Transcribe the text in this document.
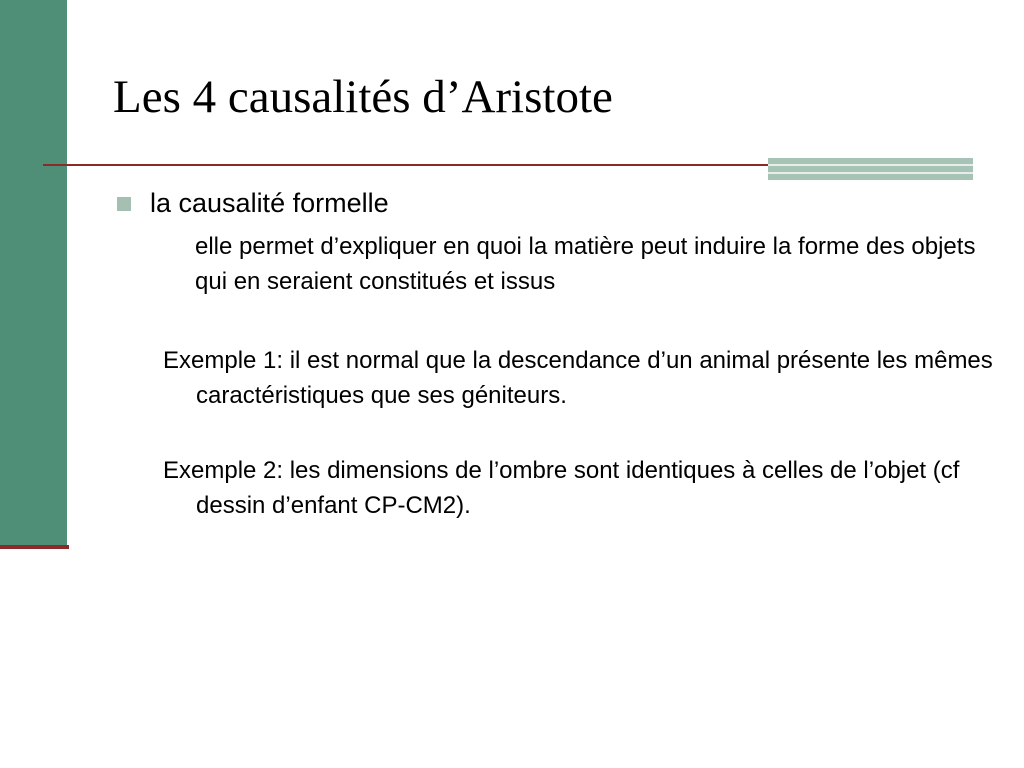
Les 4 causalités d’Aristote

la causalité formelle

elle permet d’expliquer en quoi la matière peut induire la forme des objets qui en seraient constitués et issus

Exemple 1: il est normal que la descendance d’un animal présente les mêmes caractéristiques que ses géniteurs.

Exemple 2: les dimensions de l’ombre sont identiques à celles de l’objet (cf dessin d’enfant CP-CM2).
